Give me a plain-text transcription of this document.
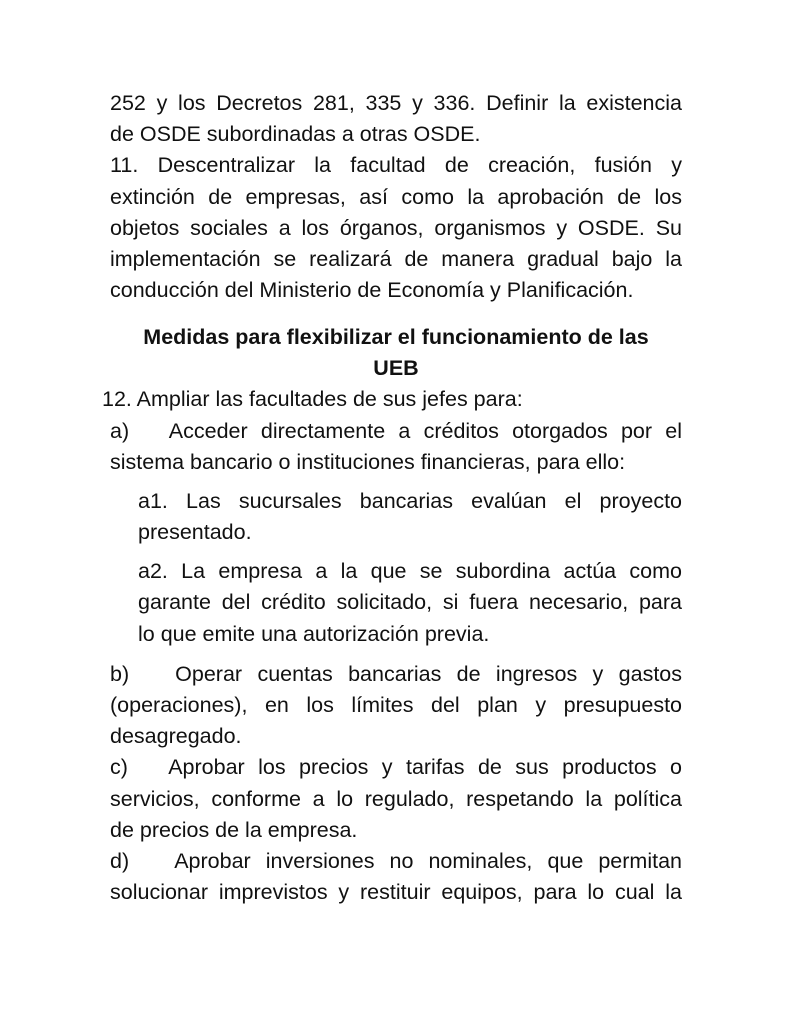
252 y los Decretos 281, 335 y 336. Definir la existencia
de OSDE subordinadas a otras OSDE.
11. Descentralizar la facultad de creación, fusión y
extinción de empresas, así como la aprobación de los
objetos sociales a los órganos, organismos y OSDE. Su
implementación se realizará de manera gradual bajo la
conducción del Ministerio de Economía y Planificación.
Medidas para flexibilizar el funcionamiento de las
UEB
12. Ampliar las facultades de sus jefes para:
a)   Acceder directamente a créditos otorgados por el
sistema bancario o instituciones financieras, para ello:
a1. Las sucursales bancarias evalúan el proyecto
presentado.
a2. La empresa a la que se subordina actúa como
garante del crédito solicitado, si fuera necesario, para
lo que emite una autorización previa.
b)   Operar cuentas bancarias de ingresos y gastos
(operaciones), en los límites del plan y presupuesto
desagregado.
c)   Aprobar los precios y tarifas de sus productos o
servicios, conforme a lo regulado, respetando la política
de precios de la empresa.
d)   Aprobar inversiones no nominales, que permitan
solucionar imprevistos y restituir equipos, para lo cual la
